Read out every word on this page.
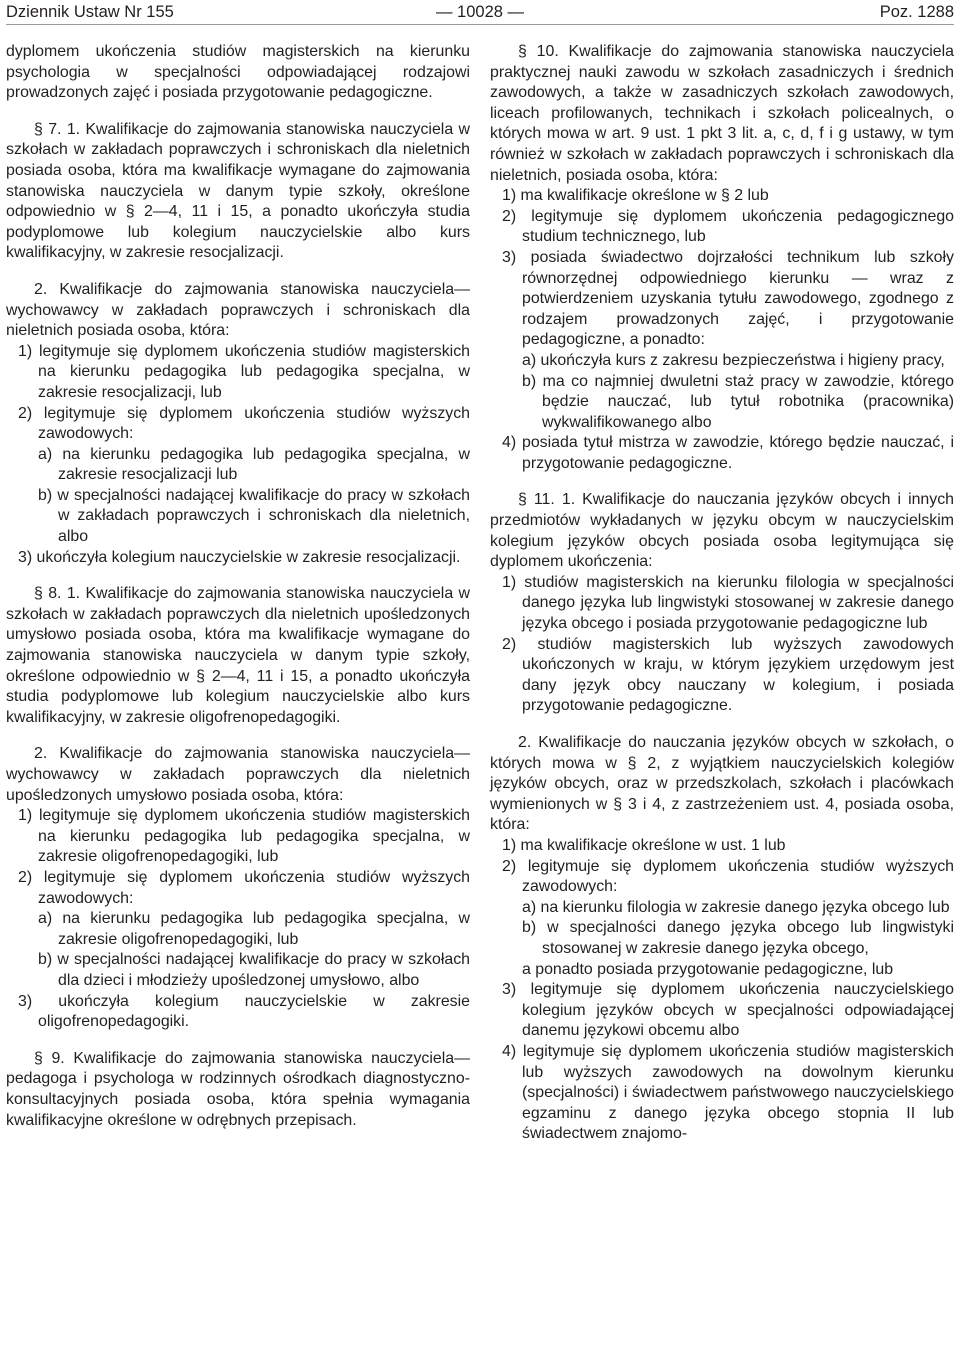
Dziennik Ustaw Nr 155	— 10028 —	Poz. 1288

dyplomem ukończenia studiów magisterskich na kierunku psychologia w specjalności odpowiadającej rodzajowi prowadzonych zajęć i posiada przygotowanie pedagogiczne.

§ 7. 1. Kwalifikacje do zajmowania stanowiska nauczyciela w szkołach w zakładach poprawczych i schroniskach dla nieletnich posiada osoba, która ma kwalifikacje wymagane do zajmowania stanowiska nauczyciela w danym typie szkoły, określone odpowiednio w § 2—4, 11 i 15, a ponadto ukończyła studia podyplomowe lub kolegium nauczycielskie albo kurs kwalifikacyjny, w zakresie resocjalizacji.

2. Kwalifikacje do zajmowania stanowiska nauczyciela—wychowawcy w zakładach poprawczych i schroniskach dla nieletnich posiada osoba, która:

1) legitymuje się dyplomem ukończenia studiów magisterskich na kierunku pedagogika lub pedagogika specjalna, w zakresie resocjalizacji, lub

2) legitymuje się dyplomem ukończenia studiów wyższych zawodowych:

a) na kierunku pedagogika lub pedagogika specjalna, w zakresie resocjalizacji lub

b) w specjalności nadającej kwalifikacje do pracy w szkołach w zakładach poprawczych i schroniskach dla nieletnich, albo

3) ukończyła kolegium nauczycielskie w zakresie resocjalizacji.

§ 8. 1. Kwalifikacje do zajmowania stanowiska nauczyciela w szkołach w zakładach poprawczych dla nieletnich upośledzonych umysłowo posiada osoba, która ma kwalifikacje wymagane do zajmowania stanowiska nauczyciela w danym typie szkoły, określone odpowiednio w § 2—4, 11 i 15, a ponadto ukończyła studia podyplomowe lub kolegium nauczycielskie albo kurs kwalifikacyjny, w zakresie oligofrenopedagogiki.

2. Kwalifikacje do zajmowania stanowiska nauczyciela—wychowawcy w zakładach poprawczych dla nieletnich upośledzonych umysłowo posiada osoba, która:

1) legitymuje się dyplomem ukończenia studiów magisterskich na kierunku pedagogika lub pedagogika specjalna, w zakresie oligofrenopedagogiki, lub

2) legitymuje się dyplomem ukończenia studiów wyższych zawodowych:

a) na kierunku pedagogika lub pedagogika specjalna, w zakresie oligofrenopedagogiki, lub

b) w specjalności nadającej kwalifikacje do pracy w szkołach dla dzieci i młodzieży upośledzonej umysłowo, albo

3) ukończyła kolegium nauczycielskie w zakresie oligofrenopedagogiki.

§ 9. Kwalifikacje do zajmowania stanowiska nauczyciela—pedagoga i psychologa w rodzinnych ośrodkach diagnostyczno-konsultacyjnych posiada osoba, która spełnia wymagania kwalifikacyjne określone w odrębnych przepisach.

§ 10. Kwalifikacje do zajmowania stanowiska nauczyciela praktycznej nauki zawodu w szkołach zasadniczych i średnich zawodowych, a także w zasadniczych szkołach zawodowych, liceach profilowanych, technikach i szkołach policealnych, o których mowa w art. 9 ust. 1 pkt 3 lit. a, c, d, f i g ustawy, w tym również w szkołach w zakładach poprawczych i schroniskach dla nieletnich, posiada osoba, która:

1) ma kwalifikacje określone w § 2 lub

2) legitymuje się dyplomem ukończenia pedagogicznego studium technicznego, lub

3) posiada świadectwo dojrzałości technikum lub szkoły równorzędnej odpowiedniego kierunku — wraz z potwierdzeniem uzyskania tytułu zawodowego, zgodnego z rodzajem prowadzonych zajęć, i przygotowanie pedagogiczne, a ponadto:

a) ukończyła kurs z zakresu bezpieczeństwa i higieny pracy,

b) ma co najmniej dwuletni staż pracy w zawodzie, którego będzie nauczać, lub tytuł robotnika (pracownika) wykwalifikowanego albo

4) posiada tytuł mistrza w zawodzie, którego będzie nauczać, i przygotowanie pedagogiczne.

§ 11. 1. Kwalifikacje do nauczania języków obcych i innych przedmiotów wykładanych w języku obcym w nauczycielskim kolegium języków obcych posiada osoba legitymująca się dyplomem ukończenia:

1) studiów magisterskich na kierunku filologia w specjalności danego języka lub lingwistyki stosowanej w zakresie danego języka obcego i posiada przygotowanie pedagogiczne lub

2) studiów magisterskich lub wyższych zawodowych ukończonych w kraju, w którym językiem urzędowym jest dany język obcy nauczany w kolegium, i posiada przygotowanie pedagogiczne.

2. Kwalifikacje do nauczania języków obcych w szkołach, o których mowa w § 2, z wyjątkiem nauczycielskich kolegiów języków obcych, oraz w przedszkolach, szkołach i placówkach wymienionych w § 3 i 4, z zastrzeżeniem ust. 4, posiada osoba, która:

1) ma kwalifikacje określone w ust. 1 lub

2) legitymuje się dyplomem ukończenia studiów wyższych zawodowych:

a) na kierunku filologia w zakresie danego języka obcego lub

b) w specjalności danego języka obcego lub lingwistyki stosowanej w zakresie danego języka obcego,

a ponadto posiada przygotowanie pedagogiczne, lub

3) legitymuje się dyplomem ukończenia nauczycielskiego kolegium języków obcych w specjalności odpowiadającej danemu językowi obcemu albo

4) legitymuje się dyplomem ukończenia studiów magisterskich lub wyższych zawodowych na dowolnym kierunku (specjalności) i świadectwem państwowego nauczycielskiego egzaminu z danego języka obcego stopnia II lub świadectwem znajomo-
